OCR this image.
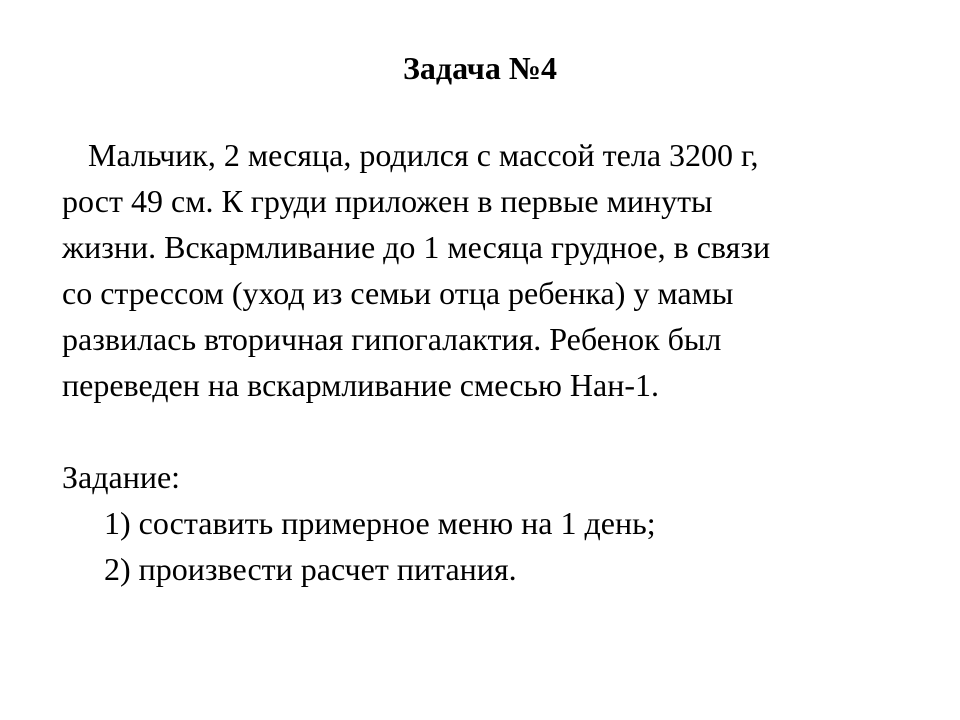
Задача №4
Мальчик, 2 месяца, родился с массой тела 3200 г,
рост 49 см. К груди приложен в первые минуты
жизни. Вскармливание до 1 месяца грудное, в связи
со стрессом (уход из семьи отца ребенка) у мамы
развилась вторичная гипогалактия. Ребенок был
переведен на вскармливание смесью Нан-1.
Задание:
1) составить примерное меню на 1 день;
2) произвести расчет питания.
